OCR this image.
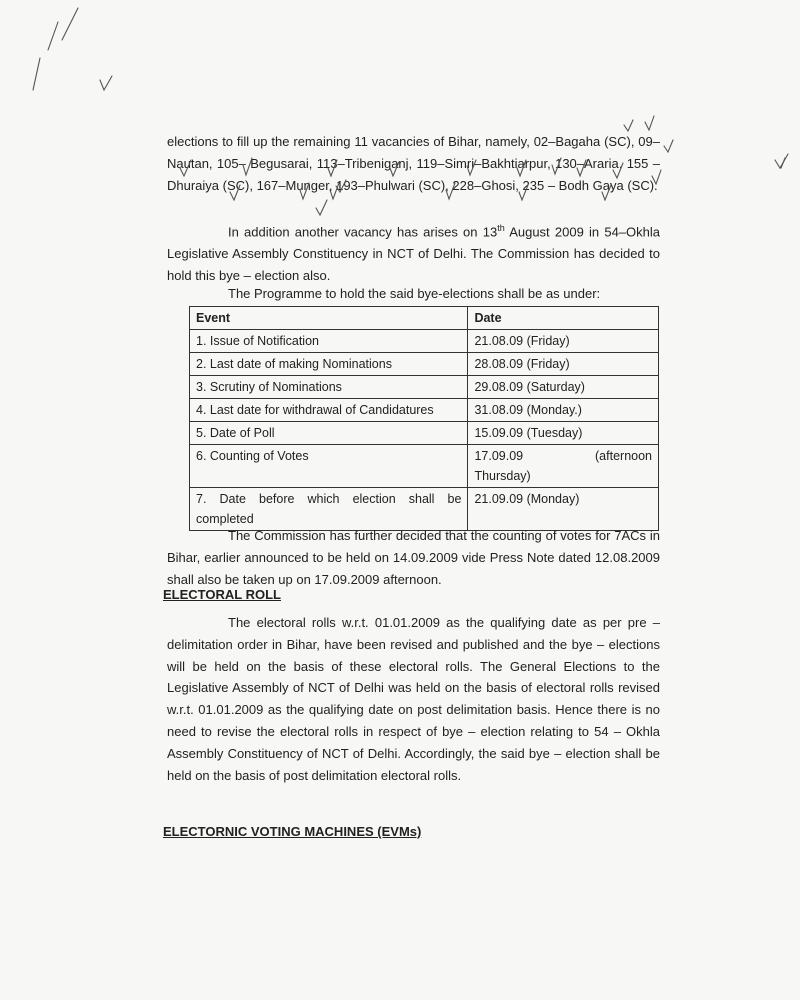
elections to fill up the remaining 11 vacancies of Bihar, namely, 02–Bagaha (SC), 09–Nautan, 105– Begusarai, 113–Tribeniganj, 119–Simri–Bakhtiarpur, 130–Araria, 155 – Dhuraiya (SC), 167–Munger, 193–Phulwari (SC), 228–Ghosi, 235 – Bodh Gaya (SC).

In addition another vacancy has arises on 13th August 2009 in 54–Okhla Legislative Assembly Constituency in NCT of Delhi. The Commission has decided to hold this bye – election also.

The Programme to hold the said bye-elections shall be as under:

Event	Date
1. Issue of Notification	21.08.09 (Friday)
2. Last date of making Nominations	28.08.09 (Friday)
3. Scrutiny of Nominations	29.08.09 (Saturday)
4. Last date for withdrawal of Candidatures	31.08.09 (Monday.)
5. Date of Poll	15.09.09 (Tuesday)
6. Counting of Votes	17.09.09 (afternoon
Thursday)

7. Date before which election shall be completed	21.09.09 (Monday)

The Commission has further decided that the counting of votes for 7ACs in Bihar, earlier announced to be held on 14.09.2009 vide Press Note dated 12.08.2009 shall also be taken up on 17.09.2009 afternoon.

ELECTORAL ROLL

The electoral rolls w.r.t. 01.01.2009 as the qualifying date as per pre – delimitation order in Bihar, have been revised and published and the bye – elections will be held on the basis of these electoral rolls. The General Elections to the Legislative Assembly of NCT of Delhi was held on the basis of electoral rolls revised w.r.t. 01.01.2009 as the qualifying date on post delimitation basis. Hence there is no need to revise the electoral rolls in respect of bye – election relating to 54 – Okhla Assembly Constituency of NCT of Delhi. Accordingly, the said bye – election shall be held on the basis of post delimitation electoral rolls.

ELECTORNIC VOTING MACHINES (EVMs)
